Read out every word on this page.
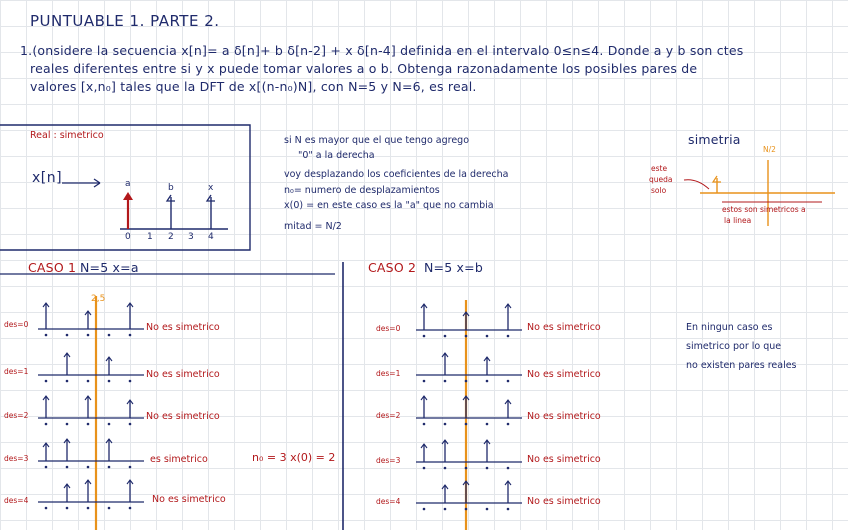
PUNTUABLE 1. PARTE 2.
1.(onsidere la secuencia x[n]= a δ[n]+ b δ[n-2] + x δ[n-4] definida en el intervalo 0≤n≤4. Donde a y b son ctes
reales diferentes entre si y x puede tomar valores a o b. Obtenga razonadamente los posibles pares de
valores [x,n₀] tales que la DFT de x[(n-n₀)N], con N=5 y N=6, es real.
Real : simetrico
x[n]	a	b	x
0 1 2 3 4
si N es mayor que el que tengo agrego
"0" a la derecha
voy desplazando los coeficientes de la derecha
n₀= numero de desplazamientos
x(0) = en este caso es la "a" que no cambia
mitad = N/2
simetria
N/2
este
queda
solo
estos son simetricos a
la linea
CASO 1 N=5 x=a
2,5
CASO 2 N=5 x=b
des=0	No es simetrico
des=1	No es simetrico
des=2	No es simetrico
des=3	es simetrico	n₀ = 3 x(0) = 2
des=4	No es simetrico
des=0	No es simetrico
des=1	No es simetrico
des=2	No es simetrico
des=3	No es simetrico
des=4	No es simetrico
En ningun caso es
simetrico por lo que
no existen pares reales
